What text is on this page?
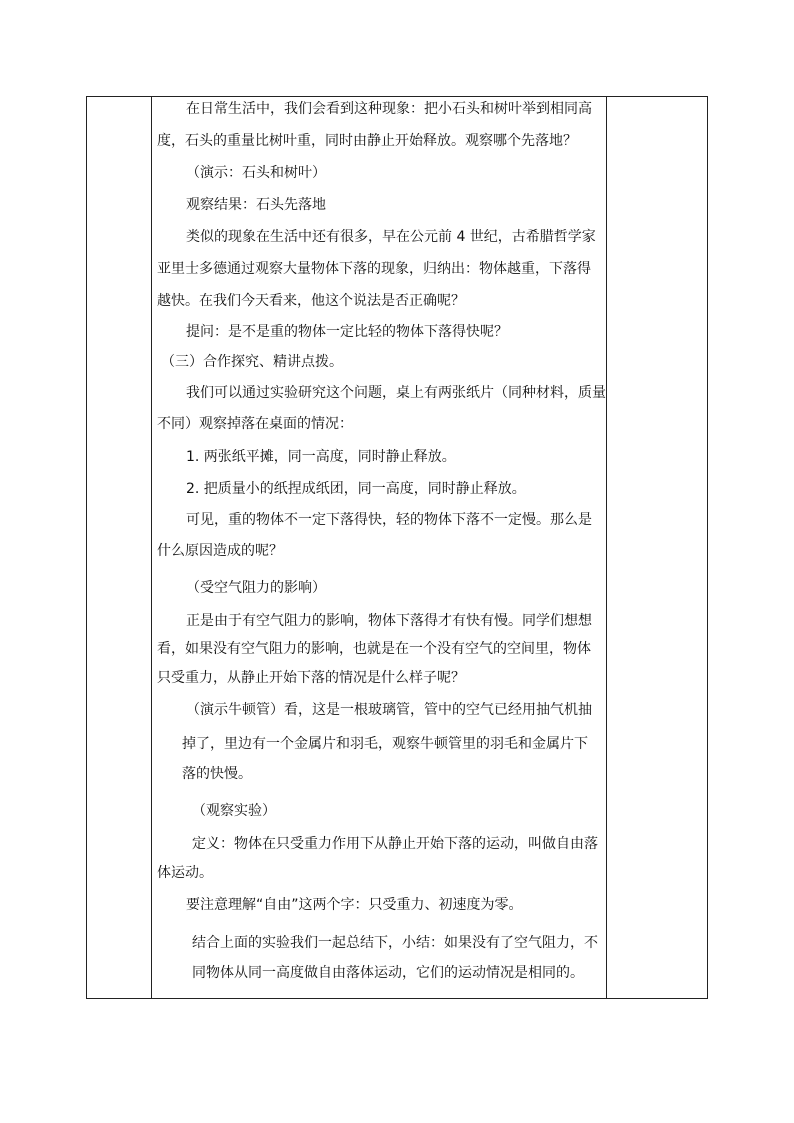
在日常生活中，我们会看到这种现象：把小石头和树叶举到相同高
度，石头的重量比树叶重，同时由静止开始释放。观察哪个先落地？
（演示：石头和树叶）
观察结果：石头先落地
类似的现象在生活中还有很多，早在公元前 4 世纪，古希腊哲学家
亚里士多德通过观察大量物体下落的现象，归纳出：物体越重，下落得
越快。在我们今天看来，他这个说法是否正确呢？
提问：是不是重的物体一定比轻的物体下落得快呢？
（三）合作探究、精讲点拨。
我们可以通过实验研究这个问题，桌上有两张纸片（同种材料，质量
不同）观察掉落在桌面的情况：
1. 两张纸平摊，同一高度，同时静止释放。
2. 把质量小的纸捏成纸团，同一高度，同时静止释放。
可见，重的物体不一定下落得快，轻的物体下落不一定慢。那么是
什么原因造成的呢？
（受空气阻力的影响）
正是由于有空气阻力的影响，物体下落得才有快有慢。同学们想想
看，如果没有空气阻力的影响，也就是在一个没有空气的空间里，物体
只受重力，从静止开始下落的情况是什么样子呢？
（演示牛顿管）看，这是一根玻璃管，管中的空气已经用抽气机抽
掉了，里边有一个金属片和羽毛，观察牛顿管里的羽毛和金属片下
落的快慢。
（观察实验）
定义：物体在只受重力作用下从静止开始下落的运动，叫做自由落
体运动。
要注意理解“自由”这两个字：只受重力、初速度为零。
结合上面的实验我们一起总结下，小结：如果没有了空气阻力，不
同物体从同一高度做自由落体运动，它们的运动情况是相同的。
